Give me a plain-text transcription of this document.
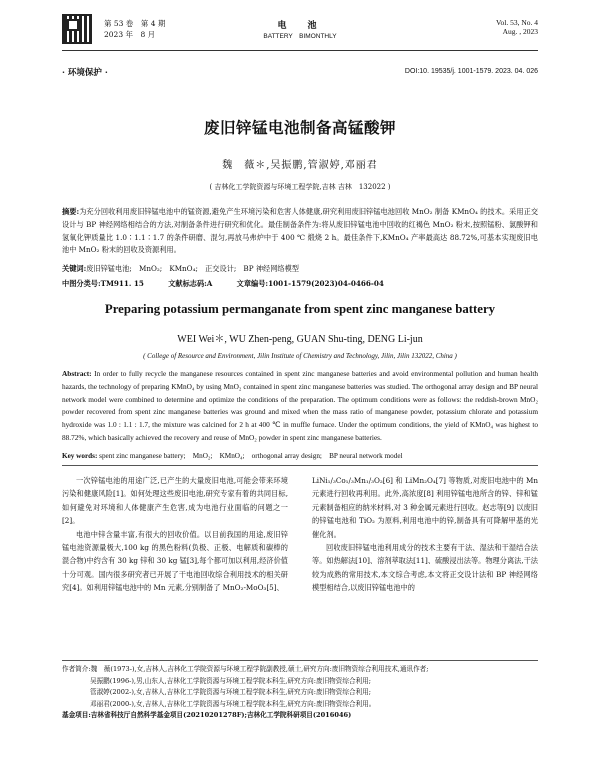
第 53 卷　第 4 期
2023 年　8 月
电　池
BATTERY　BIMONTHLY
Vol. 53, No. 4
Aug. , 2023
· 环境保护 ·	DOI:10. 19535/j. 1001-1579. 2023. 04. 026
废旧锌锰电池制备高锰酸钾
魏　薇＊,吴振鹏,管淑婷,邓丽君
( 吉林化工学院资源与环境工程学院,吉林 吉林　132022 )
摘要:为充分回收利用废旧锌锰电池中的锰资源,避免产生环境污染和危害人体健康,研究利用废旧锌锰电池回收 MnO₂ 制备 KMnO₄ 的技术。采用正交设计与 BP 神经网络相结合的方法,对制备条件进行研究和优化。最佳制备条件为:将从废旧锌锰电池中回收的红褐色 MnO₂ 粉末,按照锰粉、氯酸钾和氢氧化钾质量比 1.0∶1.1∶1.7 的条件研磨、混匀,再放马弗炉中于 400 ℃ 煅烧 2 h。最佳条件下,KMnO₄ 产率最高达 88.72%,可基本实现废旧电池中 MnO₂ 粉末的回收及资源利用。
关键词:废旧锌锰电池;　MnO₂;　KMnO₄;　正交设计;　BP 神经网络模型
中图分类号:TM911. 15	文献标志码:A	文章编号:1001-1579(2023)04-0466-04
Preparing potassium permanganate from spent zinc manganese battery
WEI Wei＊, WU Zhen-peng, GUAN Shu-ting, DENG Li-jun
( College of Resource and Environment, Jilin Institute of Chemistry and Technology, Jilin, Jilin 132022, China )
Abstract: In order to fully recycle the manganese resources contained in spent zinc manganese batteries and avoid environmental pollution and human health hazards, the technology of preparing KMnO₄ by using MnO₂ contained in spent zinc manganese batteries was studied. The orthogonal array design and BP neural network model were combined to determine and optimize the conditions of the preparation. The optimum conditions were as follows: the reddish-brown MnO₂ powder recovered from spent zinc manganese batteries was ground and mixed when the mass ratio of manganese powder, potassium chlorate and potassium hydroxide was 1.0 : 1.1 : 1.7, the mixture was calcined for 2 h at 400 ℃ in muffle furnace. Under the optimum conditions, the yield of KMnO₄ was highest to 88.72%, which basically achieved the recovery and reuse of MnO₂ powder in spent zinc manganese batteries.
Key words: spent zinc manganese battery;　MnO₂;　KMnO₄;　orthogonal array design;　BP neural network model

一次锌锰电池的用途广泛,已产生的大量废旧电池,可能会带来环境污染和健康风险[1]。如何处理这些废旧电池,研究专家有着的共同目标,如何避免对环境和人体健康产生危害,成为电池行业面临的问题之一[2]。

电池中锌含量丰富,有很大的回收价值。以目前我国的用途,废旧锌锰电池资源量极大,100 kg 的黑色粉料(负极、正极、电解质和碳棒的混合物)中约含有 30 kg 锌和 30 kg 锰[3],每个都可加以利用,经济价值十分可观。国内很多研究者已开展了干电池回收综合利用技术的相关研究[4]。如利用锌锰电池中的 Mn 元素,分别制备了 MnO₂-MoO₃[5]、

LiNi₁/₃Co₁/₃Mn₁/₃O₂[6] 和 LiMn₂O₄[7] 等物质,对废旧电池中的 Mn 元素进行回收再利用。此外,高浓度[8] 利用锌锰电池所含的锌、锌和锰元素制备相应的纳米材料,对 3 种金属元素进行回收。赵志等[9] 以废旧的锌锰电池和 TiO₂ 为原料,利用电池中的锌,制备具有可降解甲基的光催化剂。

回收废旧锌锰电池利用成分的技术主要有干法、湿法和干湿结合法等。如热解法[10]、溶剂萃取法[11]、硫酸浸出法等。物理分离法,干法较为成熟的常用技术,本文综合考虑,本文将正交设计法和 BP 神经网络模型相结合,以废旧锌锰电池中的

作者简介:魏　薇(1973-),女,吉林人,吉林化工学院资源与环境工程学院副教授,硕士,研究方向:废旧物资综合利用技术,通讯作者;
吴振鹏(1996-),男,山东人,吉林化工学院资源与环境工程学院本科生,研究方向:废旧物资综合利用;
管淑婷(2002-),女,吉林人,吉林化工学院资源与环境工程学院本科生,研究方向:废旧物资综合利用;
邓丽君(2000-),女,吉林人,吉林化工学院资源与环境工程学院本科生,研究方向:废旧物资综合利用。
基金项目:吉林省科技厅自然科学基金项目(20210201278F);吉林化工学院科研项目(2016046)
